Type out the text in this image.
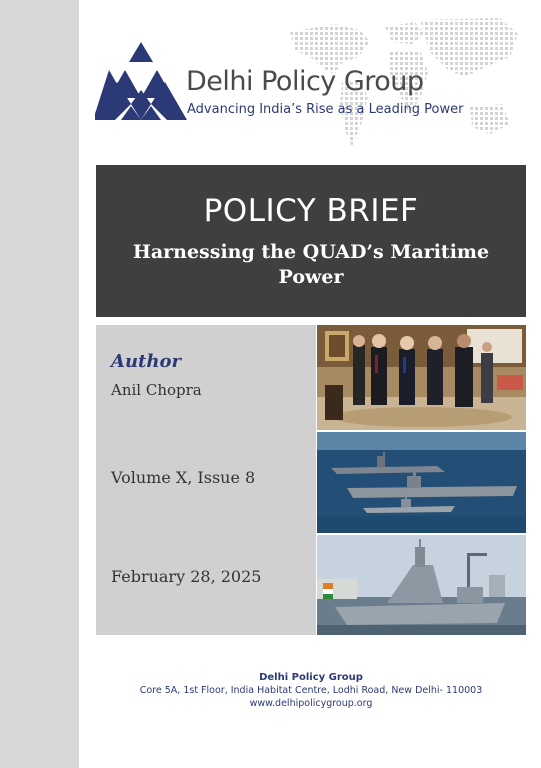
Delhi Policy Group
Advancing India’s Rise as a Leading Power
POLICY BRIEF
Harnessing the QUAD’s Maritime Power
Author
Anil Chopra
Volume X, Issue 8
February 28, 2025
Delhi Policy Group
Core 5A, 1st Floor, India Habitat Centre, Lodhi Road, New Delhi- 110003
www.delhipolicygroup.org
